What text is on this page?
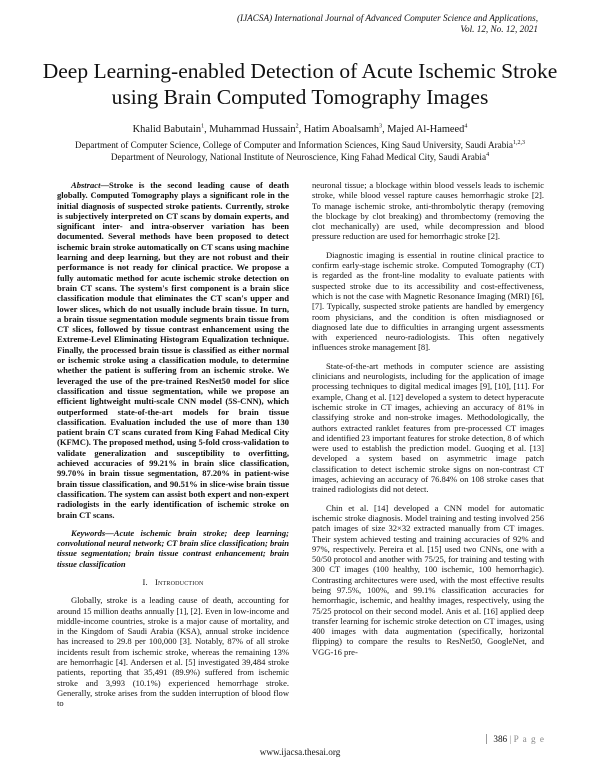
(IJACSA) International Journal of Advanced Computer Science and Applications,
Vol. 12, No. 12, 2021
Deep Learning-enabled Detection of Acute Ischemic Stroke using Brain Computed Tomography Images
Khalid Babutain$^1$, Muhammad Hussain$^2$, Hatim Aboalsamh$^3$, Majed Al-Hameed$^4$
Department of Computer Science, College of Computer and Information Sciences, King Saud University, Saudi Arabia$^{1,2,3}$
Department of Neurology, National Institute of Neuroscience, King Fahad Medical City, Saudi Arabia$^4$

Abstract—Stroke is the second leading cause of death globally. Computed Tomography plays a significant role in the initial diagnosis of suspected stroke patients. Currently, stroke is subjectively interpreted on CT scans by domain experts, and significant inter- and intra-observer variation has been documented. Several methods have been proposed to detect ischemic brain stroke automatically on CT scans using machine learning and deep learning, but they are not robust and their performance is not ready for clinical practice. We propose a fully automatic method for acute ischemic stroke detection on brain CT scans. The system's first component is a brain slice classification module that eliminates the CT scan's upper and lower slices, which do not usually include brain tissue. In turn, a brain tissue segmentation module segments brain tissue from CT slices, followed by tissue contrast enhancement using the Extreme-Level Eliminating Histogram Equalization technique. Finally, the processed brain tissue is classified as either normal or ischemic stroke using a classification module, to determine whether the patient is suffering from an ischemic stroke. We leveraged the use of the pre-trained ResNet50 model for slice classification and tissue segmentation, while we propose an efficient lightweight multi-scale CNN model (5S-CNN), which outperformed state-of-the-art models for brain tissue classification. Evaluation included the use of more than 130 patient brain CT scans curated from King Fahad Medical City (KFMC). The proposed method, using 5-fold cross-validation to validate generalization and susceptibility to overfitting, achieved accuracies of 99.21% in brain slice classification, 99.70% in brain tissue segmentation, 87.20% in patient-wise brain tissue classification, and 90.51% in slice-wise brain tissue classification. The system can assist both expert and non-expert radiologists in the early identification of ischemic stroke on brain CT scans.

Keywords—Acute ischemic brain stroke; deep learning; convolutional neural network; CT brain slice classification; brain tissue segmentation; brain tissue contrast enhancement; brain tissue classification

I. Introduction

Globally, stroke is a leading cause of death, accounting for around 15 million deaths annually [1], [2]. Even in low-income and middle-income countries, stroke is a major cause of mortality, and in the Kingdom of Saudi Arabia (KSA), annual stroke incidence has increased to 29.8 per 100,000 [3]. Notably, 87% of all stroke incidents result from ischemic stroke, whereas the remaining 13% are hemorrhagic [4]. Andersen et al. [5] investigated 39,484 stroke patients, reporting that 35,491 (89.9%) suffered from ischemic stroke and 3,993 (10.1%) experienced hemorrhage stroke. Generally, stroke arises from the sudden interruption of blood flow to

neuronal tissue; a blockage within blood vessels leads to ischemic stroke, while blood vessel rapture causes hemorrhagic stroke [2]. To manage ischemic stroke, anti-thrombolytic therapy (removing the blockage by clot breaking) and thrombectomy (removing the clot mechanically) are used, while decompression and blood pressure reduction are used for hemorrhagic stroke [2].

Diagnostic imaging is essential in routine clinical practice to confirm early-stage ischemic stroke. Computed Tomography (CT) is regarded as the front-line modality to evaluate patients with suspected stroke due to its accessibility and cost-effectiveness, which is not the case with Magnetic Resonance Imaging (MRI) [6], [7]. Typically, suspected stroke patients are handled by emergency room physicians, and the condition is often misdiagnosed or diagnosed late due to difficulties in arranging urgent assessments with experienced neuro-radiologists. This often negatively influences stroke management [8].

State-of-the-art methods in computer science are assisting clinicians and neurologists, including for the application of image processing techniques to digital medical images [9], [10], [11]. For example, Chang et al. [12] developed a system to detect hyperacute ischemic stroke in CT images, achieving an accuracy of 81% in classifying stroke and non-stroke images. Methodologically, the authors extracted ranklet features from pre-processed CT images and identified 23 important features for stroke detection, 8 of which were used to establish the prediction model. Guoqing et al. [13] developed a system based on asymmetric image patch classification to detect ischemic stroke signs on non-contrast CT images, achieving an accuracy of 76.84% on 108 stroke cases that trained radiologists did not detect.

Chin et al. [14] developed a CNN model for automatic ischemic stroke diagnosis. Model training and testing involved 256 patch images of size 32×32 extracted manually from CT images. Their system achieved testing and training accuracies of 92% and 97%, respectively. Pereira et al. [15] used two CNNs, one with a 50/50 protocol and another with 75/25, for training and testing with 300 CT images (100 healthy, 100 ischemic, 100 hemorrhagic). Contrasting architectures were used, with the most effective results being 97.5%, 100%, and 99.1% classification accuracies for hemorrhagic, ischemic, and healthy images, respectively, using the 75/25 protocol on their second model. Anis et al. [16] applied deep transfer learning for ischemic stroke detection on CT images, using 400 images with data augmentation (specifically, horizontal flipping) to compare the results to ResNet50, GoogleNet, and VGG-16 pre-

386 | P a g e
www.ijacsa.thesai.org
